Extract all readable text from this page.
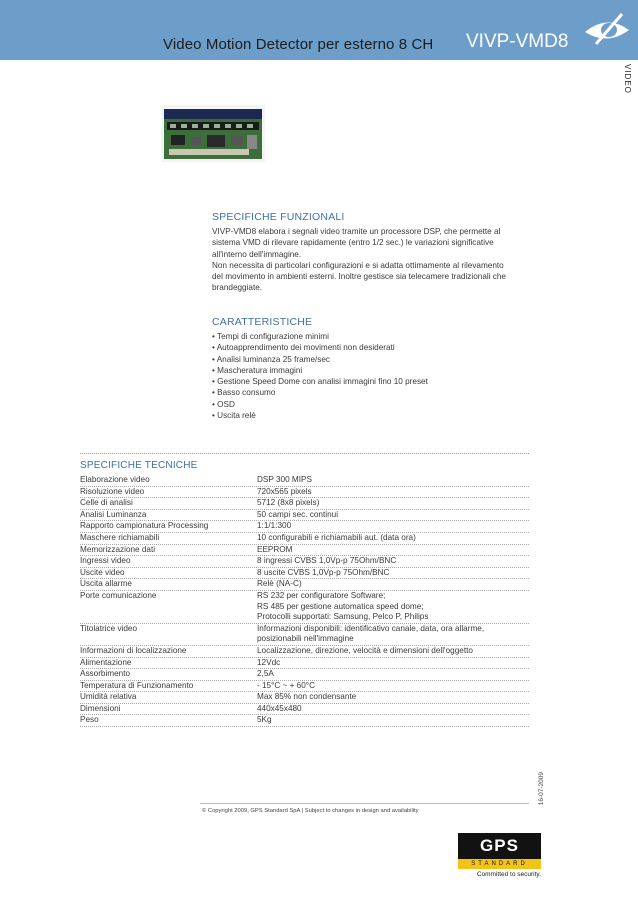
Video Motion Detector per esterno 8 CH VIVP-VMD8
VIDEO
SPECIFICHE FUNZIONALI
VIVP-VMD8 elabora i segnali video tramite un processore DSP, che permette al
sistema VMD di rilevare rapidamente (entro 1/2 sec.) le variazioni significative
all'interno dell'immagine.
Non necessita di particolari configurazioni e si adatta ottimamente al rilevamento
del movimento in ambienti esterni. Inoltre gestisce sia telecamere tradizionali che
brandeggiate.
CARATTERISTICHE
• Tempi di configurazione minimi
• Autoapprendimento dei movimenti non desiderati
• Analisi luminanza 25 frame/sec
• Mascheratura immagini
• Gestione Speed Dome con analisi immagini fino 10 preset
• Basso consumo
• OSD
• Uscita relè
SPECIFICHE TECNICHE
Elaborazione video	DSP 300 MIPS
Risoluzione video	720x565 pixels
Celle di analisi	5712 (8x8 pixels)
Analisi Luminanza	50 campi sec. continui
Rapporto campionatura Processing	1:1/1:300
Maschere richiamabili	10 configurabili e richiamabili aut. (data ora)
Memorizzazione dati	EEPROM
Ingressi video	8 ingressi CVBS 1,0Vp-p 75Ohm/BNC
Uscite video	8 uscite CVBS 1,0Vp-p 75Ohm/BNC
Uscita allarme	Relè (NA-C)
Porte comunicazione	RS 232 per configuratore Software;
RS 485 per gestione automatica speed dome;
Protocolli supportati: Samsung, Pelco P, Philips
Titolatrice video	Informazioni disponibili: identificativo canale, data, ora allarme,
posizionabili nell'immagine
Informazioni di localizzazione	Localizzazione, direzione, velocità e dimensioni dell'oggetto
Alimentazione	12Vdc
Assorbimento	2,5A
Temperatura di Funzionamento	- 15°C ~ + 60°C
Umidità relativa	Max 85% non condensante
Dimensioni	440x45x480
Peso	5Kg
16-07-2009
© Copyright 2009, GPS Standard SpA | Subject to changes in design and availability
GPS
STANDARD
Committed to security.
